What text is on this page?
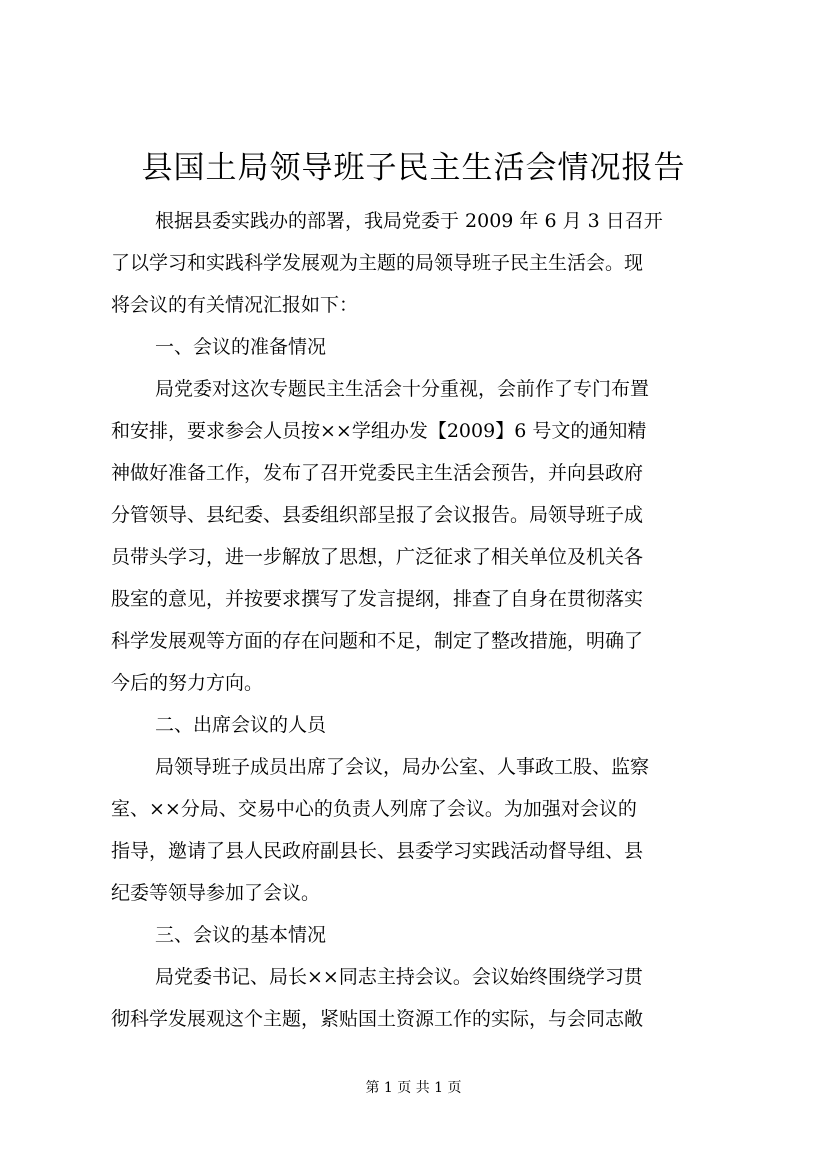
县国土局领导班子民主生活会情况报告
根据县委实践办的部署，我局党委于 2009 年 6 月 3 日召开
了以学习和实践科学发展观为主题的局领导班子民主生活会。现
将会议的有关情况汇报如下：
一、会议的准备情况
局党委对这次专题民主生活会十分重视，会前作了专门布置
和安排，要求参会人员按××学组办发【2009】6 号文的通知精
神做好准备工作，发布了召开党委民主生活会预告，并向县政府
分管领导、县纪委、县委组织部呈报了会议报告。局领导班子成
员带头学习，进一步解放了思想，广泛征求了相关单位及机关各
股室的意见，并按要求撰写了发言提纲，排查了自身在贯彻落实
科学发展观等方面的存在问题和不足，制定了整改措施，明确了
今后的努力方向。
二、出席会议的人员
局领导班子成员出席了会议，局办公室、人事政工股、监察
室、××分局、交易中心的负责人列席了会议。为加强对会议的
指导，邀请了县人民政府副县长、县委学习实践活动督导组、县
纪委等领导参加了会议。
三、会议的基本情况
局党委书记、局长××同志主持会议。会议始终围绕学习贯
彻科学发展观这个主题，紧贴国土资源工作的实际，与会同志敞
第 1 页 共 1 页
